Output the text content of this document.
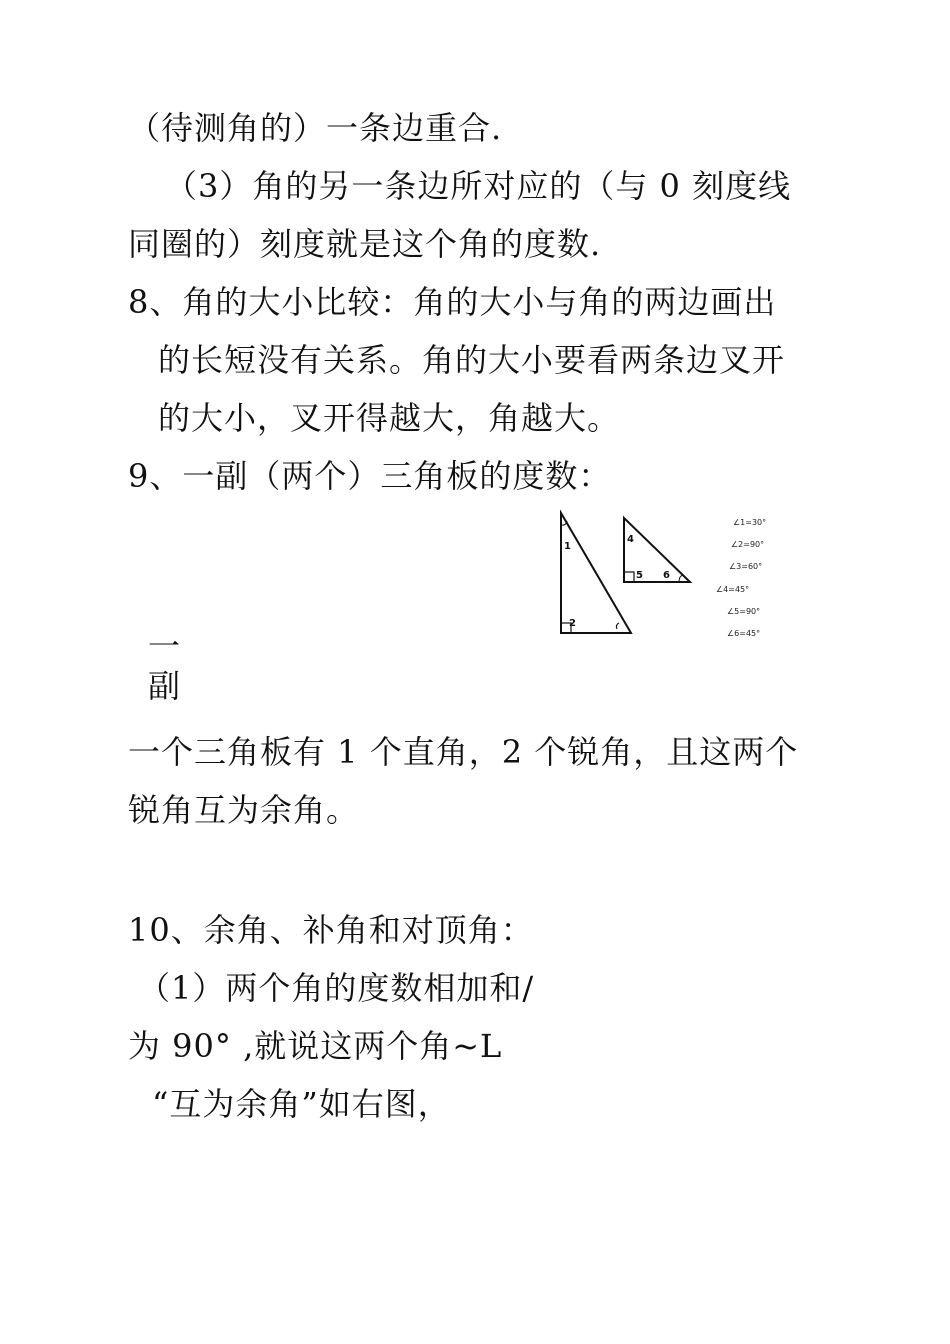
（待测角的）一条边重合.
（3）角的另一条边所对应的（与 0 刻度线
同圈的）刻度就是这个角的度数.
8、角的大小比较：角的大小与角的两边画出
的长短没有关系。角的大小要看两条边叉开
的大小，叉开得越大，角越大。
9、一副（两个）三角板的度数：
1
2
4
5 6
∠1=30°
∠2=90°
∠3=60°
∠4=45°
∠5=90°
∠6=45°
一
副
一个三角板有 1 个直角，2 个锐角，且这两个
锐角互为余角。
10、余角、补角和对顶角：
（1）两个角的度数相加和/
为 90° ,就说这两个角~L
“互为余角”如右图，
